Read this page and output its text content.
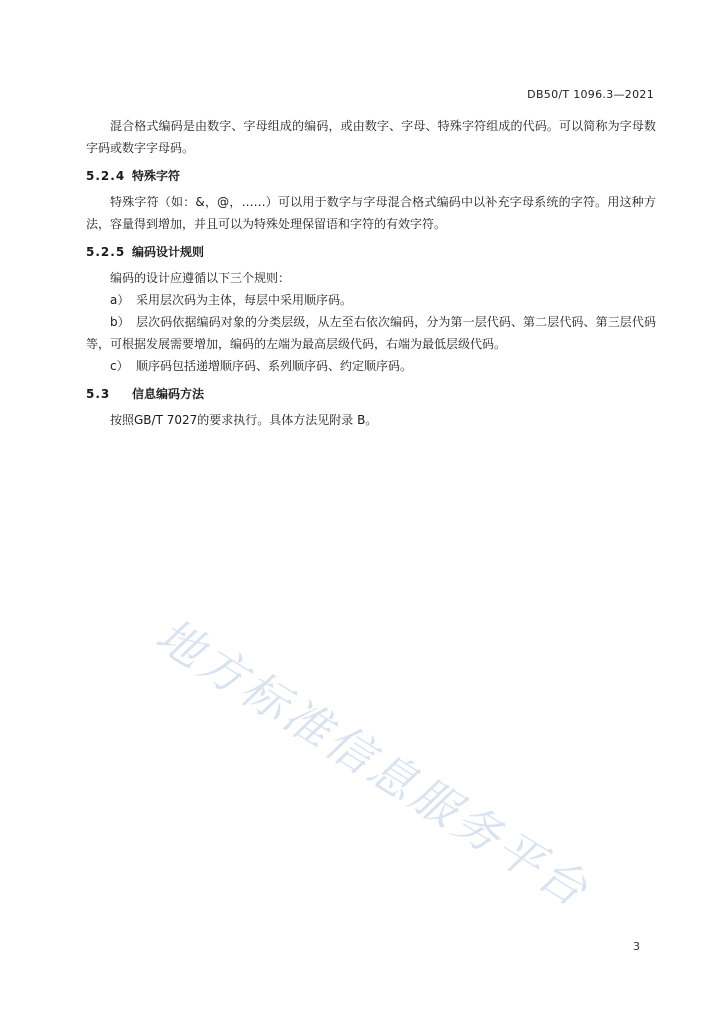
DB50/T 1096.3—2021

混合格式编码是由数字、字母组成的编码，或由数字、字母、特殊字符组成的代码。可以简称为字母数字码或数字字母码。

5.2.4 特殊字符

特殊字符（如：&，@，……）可以用于数字与字母混合格式编码中以补充字母系统的字符。用这种方法，容量得到增加，并且可以为特殊处理保留语和字符的有效字符。

5.2.5 编码设计规则

编码的设计应遵循以下三个规则：

a） 采用层次码为主体，每层中采用顺序码。

b） 层次码依据编码对象的分类层级，从左至右依次编码，分为第一层代码、第二层代码、第三层代码等，可根据发展需要增加，编码的左端为最高层级代码，右端为最低层级代码。

c） 顺序码包括递增顺序码、系列顺序码、约定顺序码。

5.3	信息编码方法

按照GB/T 7027的要求执行。具体方法见附录 B。

地方标准信息服务平台
3
